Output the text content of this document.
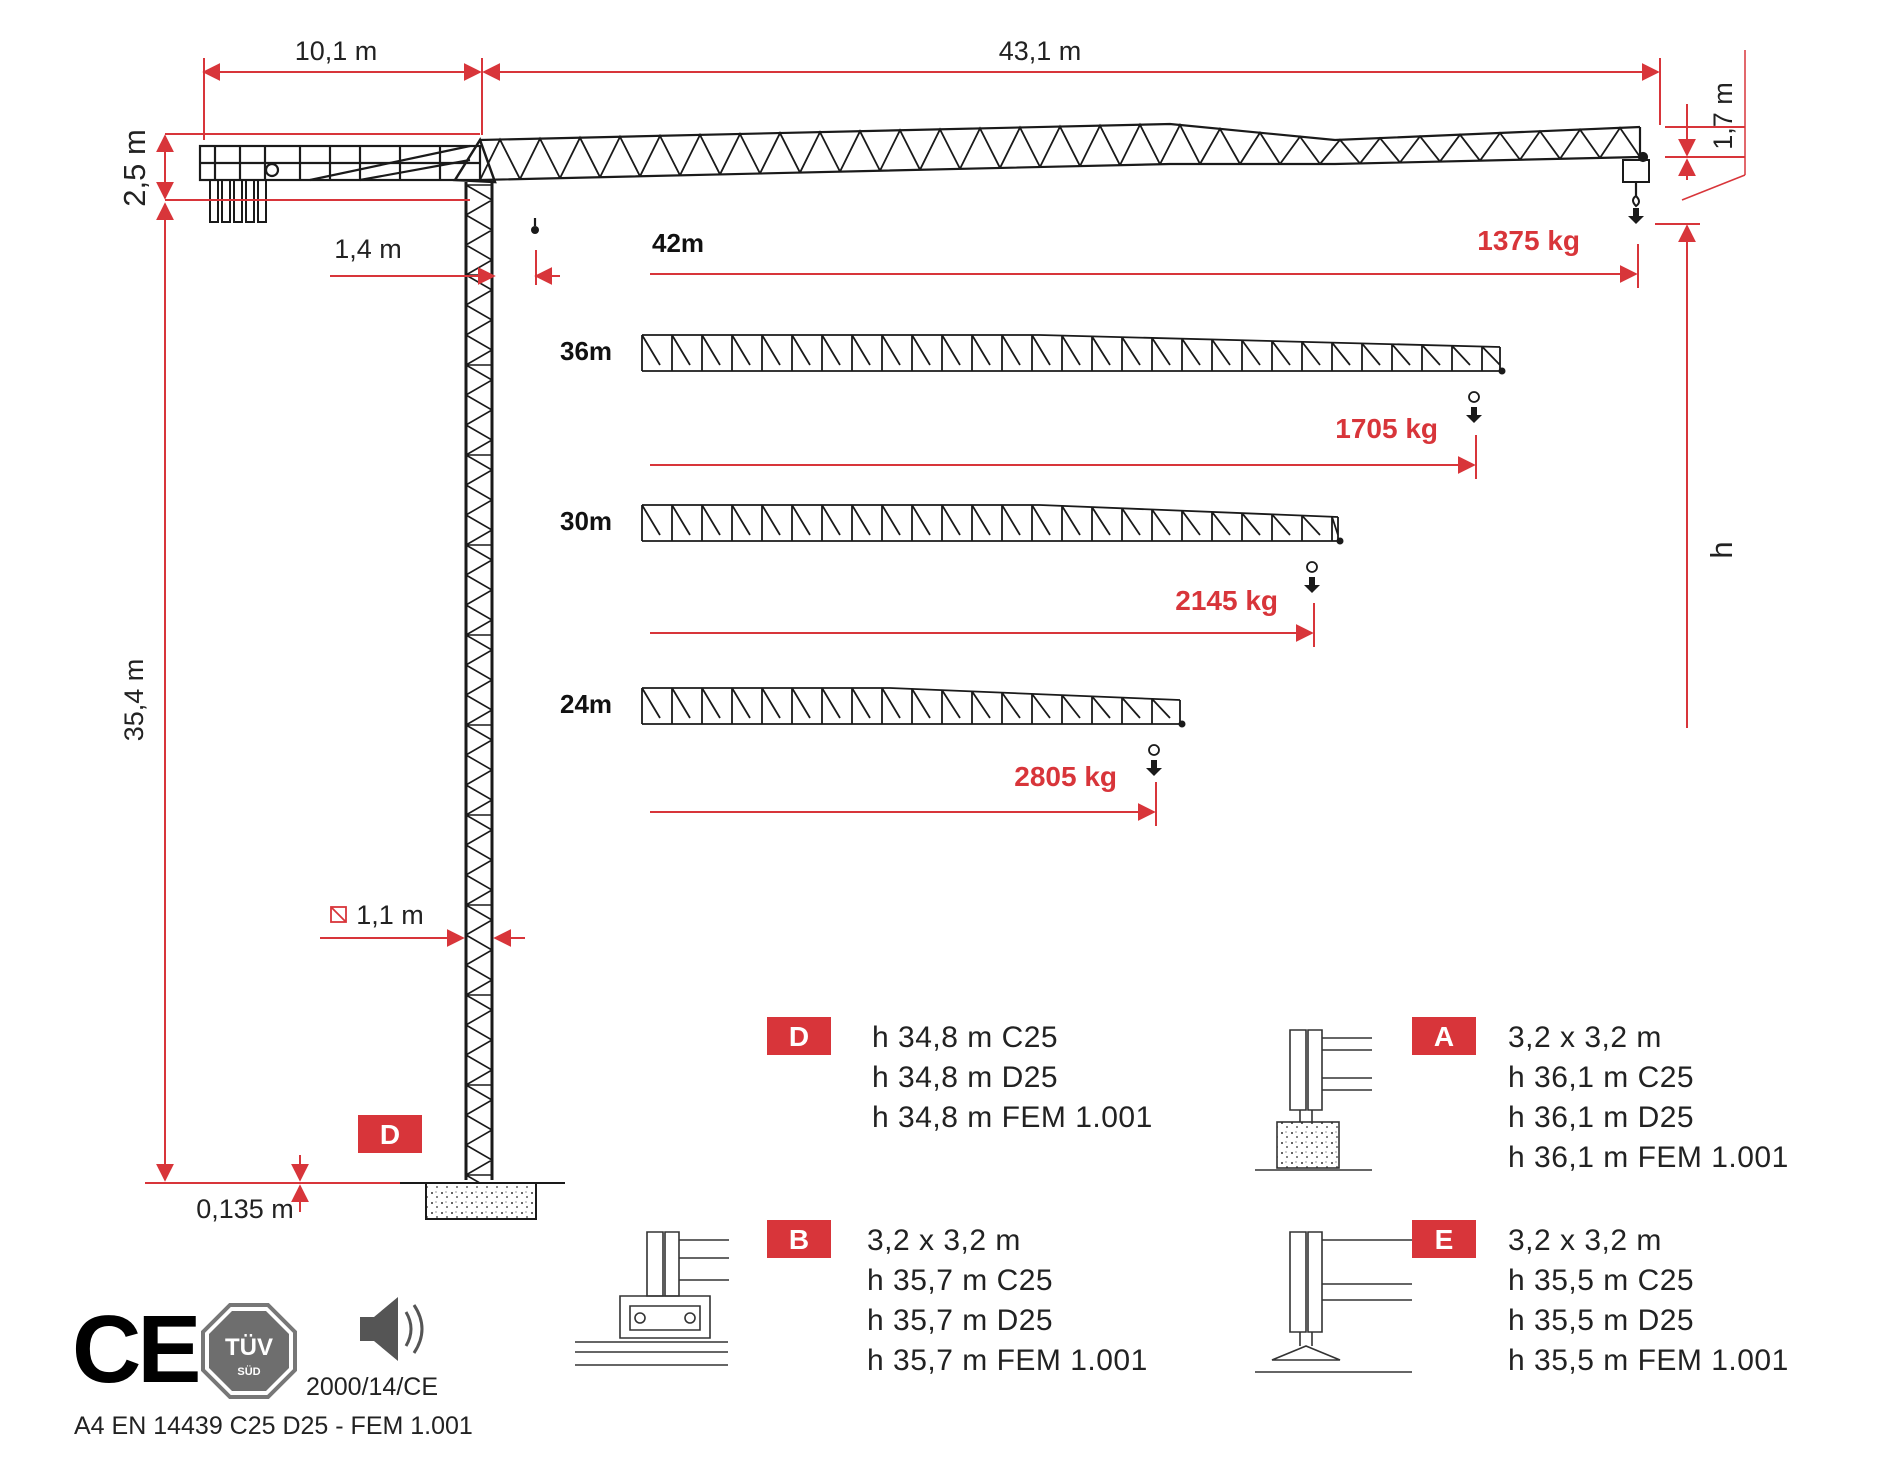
10,1 m	43,1 m
2,5 m
1,7 m
h
1,4 m
35,4 m
1,1 m
0,135 m
42m	1375 kg
36m
1705 kg
30m
2145 kg
24m
2805 kg
D
D h 34,8 m C25
h 34,8 m D25
h 34,8 m FEM 1.001
A 3,2 x 3,2 m
h 36,1 m C25
h 36,1 m D25
h 36,1 m FEM 1.001
B 3,2 x 3,2 m
h 35,7 m C25
h 35,7 m D25
h 35,7 m FEM 1.001
E 3,2 x 3,2 m
h 35,5 m C25
h 35,5 m D25
h 35,5 m FEM 1.001
CE TÜV
SÜD
2000/14/CE
A4 EN 14439 C25 D25 - FEM 1.001
